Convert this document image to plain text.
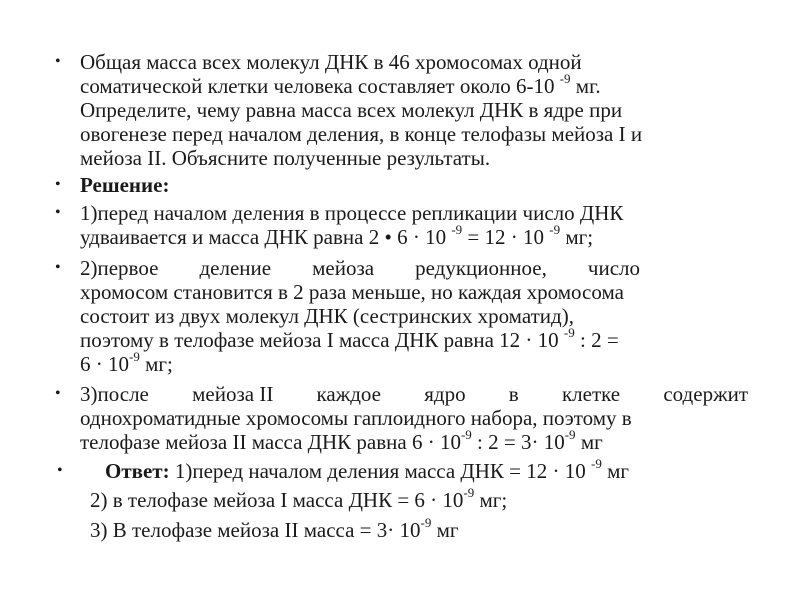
• Общая масса всех молекул ДНК в 46 хромосомах одной
соматической клетки человека составляет около 6-10 $^{-9}$ мг.
Определите, чему равна масса всех молекул ДНК в ядре при
овогенезе перед началом деления, в конце телофазы мейоза I и
мейоза II. Объясните полученные результаты.
• Решение:
• 1)перед началом деления в процессе репликации число ДНК
удваивается и масса ДНК равна 2 • 6 · 10 $^{-9}$ = 12 · 10 $^{-9}$ мг;
• 2)первое деление мейоза редукционное, число
хромосом становится в 2 раза меньше, но каждая хромосома
состоит из двух молекул ДНК (сестринских хроматид),
поэтому в телофазе мейоза I масса ДНК равна 12 · 10 $^{-9}$ : 2 =
$6 \cdot 10^{-9}$ мг;
• 3)после мейоза II каждое ядро в клетке содержит
однохроматидные хромосомы гаплоидного набора, поэтому в
телофазе мейоза II масса ДНК равна $6 \cdot 10^{-9}$ : $2 = 3\cdot 10^{-9}$ мг
• Ответ: 1)перед началом деления масса ДНК = 12 · 10 $^{-9}$ мг
2) в телофазе мейоза I масса ДНК = $6 \cdot 10^{-9}$ мг;
3) В телофазе мейоза II масса = $3\cdot 10^{-9}$ мг
